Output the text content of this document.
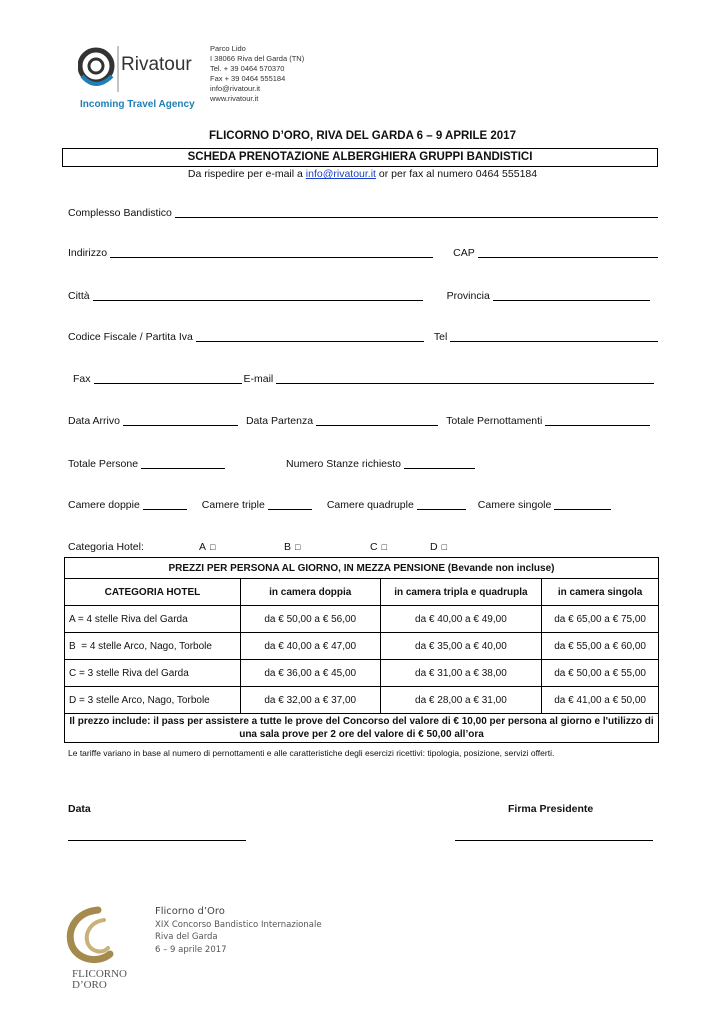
Rivatour
Incoming Travel Agency
Parco Lido
I 38066 Riva del Garda (TN)
Tel. + 39 0464 570370
Fax + 39 0464 555184
info@rivatour.it
www.rivatour.it
FLICORNO D’ORO, RIVA DEL GARDA 6 – 9 APRILE 2017
SCHEDA PRENOTAZIONE ALBERGHIERA GRUPPI BANDISTICI
Da rispedire per e-mail a info@rivatour.it or per fax al numero 0464 555184
Complesso Bandistico
Indirizzo	CAP
Città	Provincia
Codice Fiscale / Partita Iva	Tel
Fax	E-mail
Data Arrivo	Data Partenza	Totale Pernottamenti
Totale Persone	Numero Stanze richiesto
Camere doppie	Camere triple	Camere quadruple	Camere singole
Categoria Hotel:	A □	B □	C □	D □
PREZZI PER PERSONA AL GIORNO, IN MEZZA PENSIONE (Bevande non incluse)			
CATEGORIA HOTEL	in camera doppia	in camera tripla e quadrupla	in camera singola
A = 4 stelle Riva del Garda	da € 50,00 a € 56,00	da € 40,00 a € 49,00	da € 65,00 a € 75,00
B  = 4 stelle Arco, Nago, Torbole	da € 40,00 a € 47,00	da € 35,00 a € 40,00	da € 55,00 a € 60,00
C = 3 stelle Riva del Garda	da € 36,00 a € 45,00	da € 31,00 a € 38,00	da € 50,00 a € 55,00
D = 3 stelle Arco, Nago, Torbole	da € 32,00 a € 37,00	da € 28,00 a € 31,00	da € 41,00 a € 50,00

Il prezzo include: il pass per assistere a tutte le prove del Concorso del valore di € 10,00 per persona al giorno e l'utilizzo di
una sala prove per 2 ore del valore di € 50,00 all’ora			
Le tariffe variano in base al numero di pernottamenti e alle caratteristiche degli esercizi ricettivi: tipologia, posizione, servizi offerti.
Data	Firma Presidente
FLICORNO
D’ORO
Flicorno d’Oro
XIX Concorso Bandistico Internazionale
Riva del Garda
6 – 9 aprile 2017
